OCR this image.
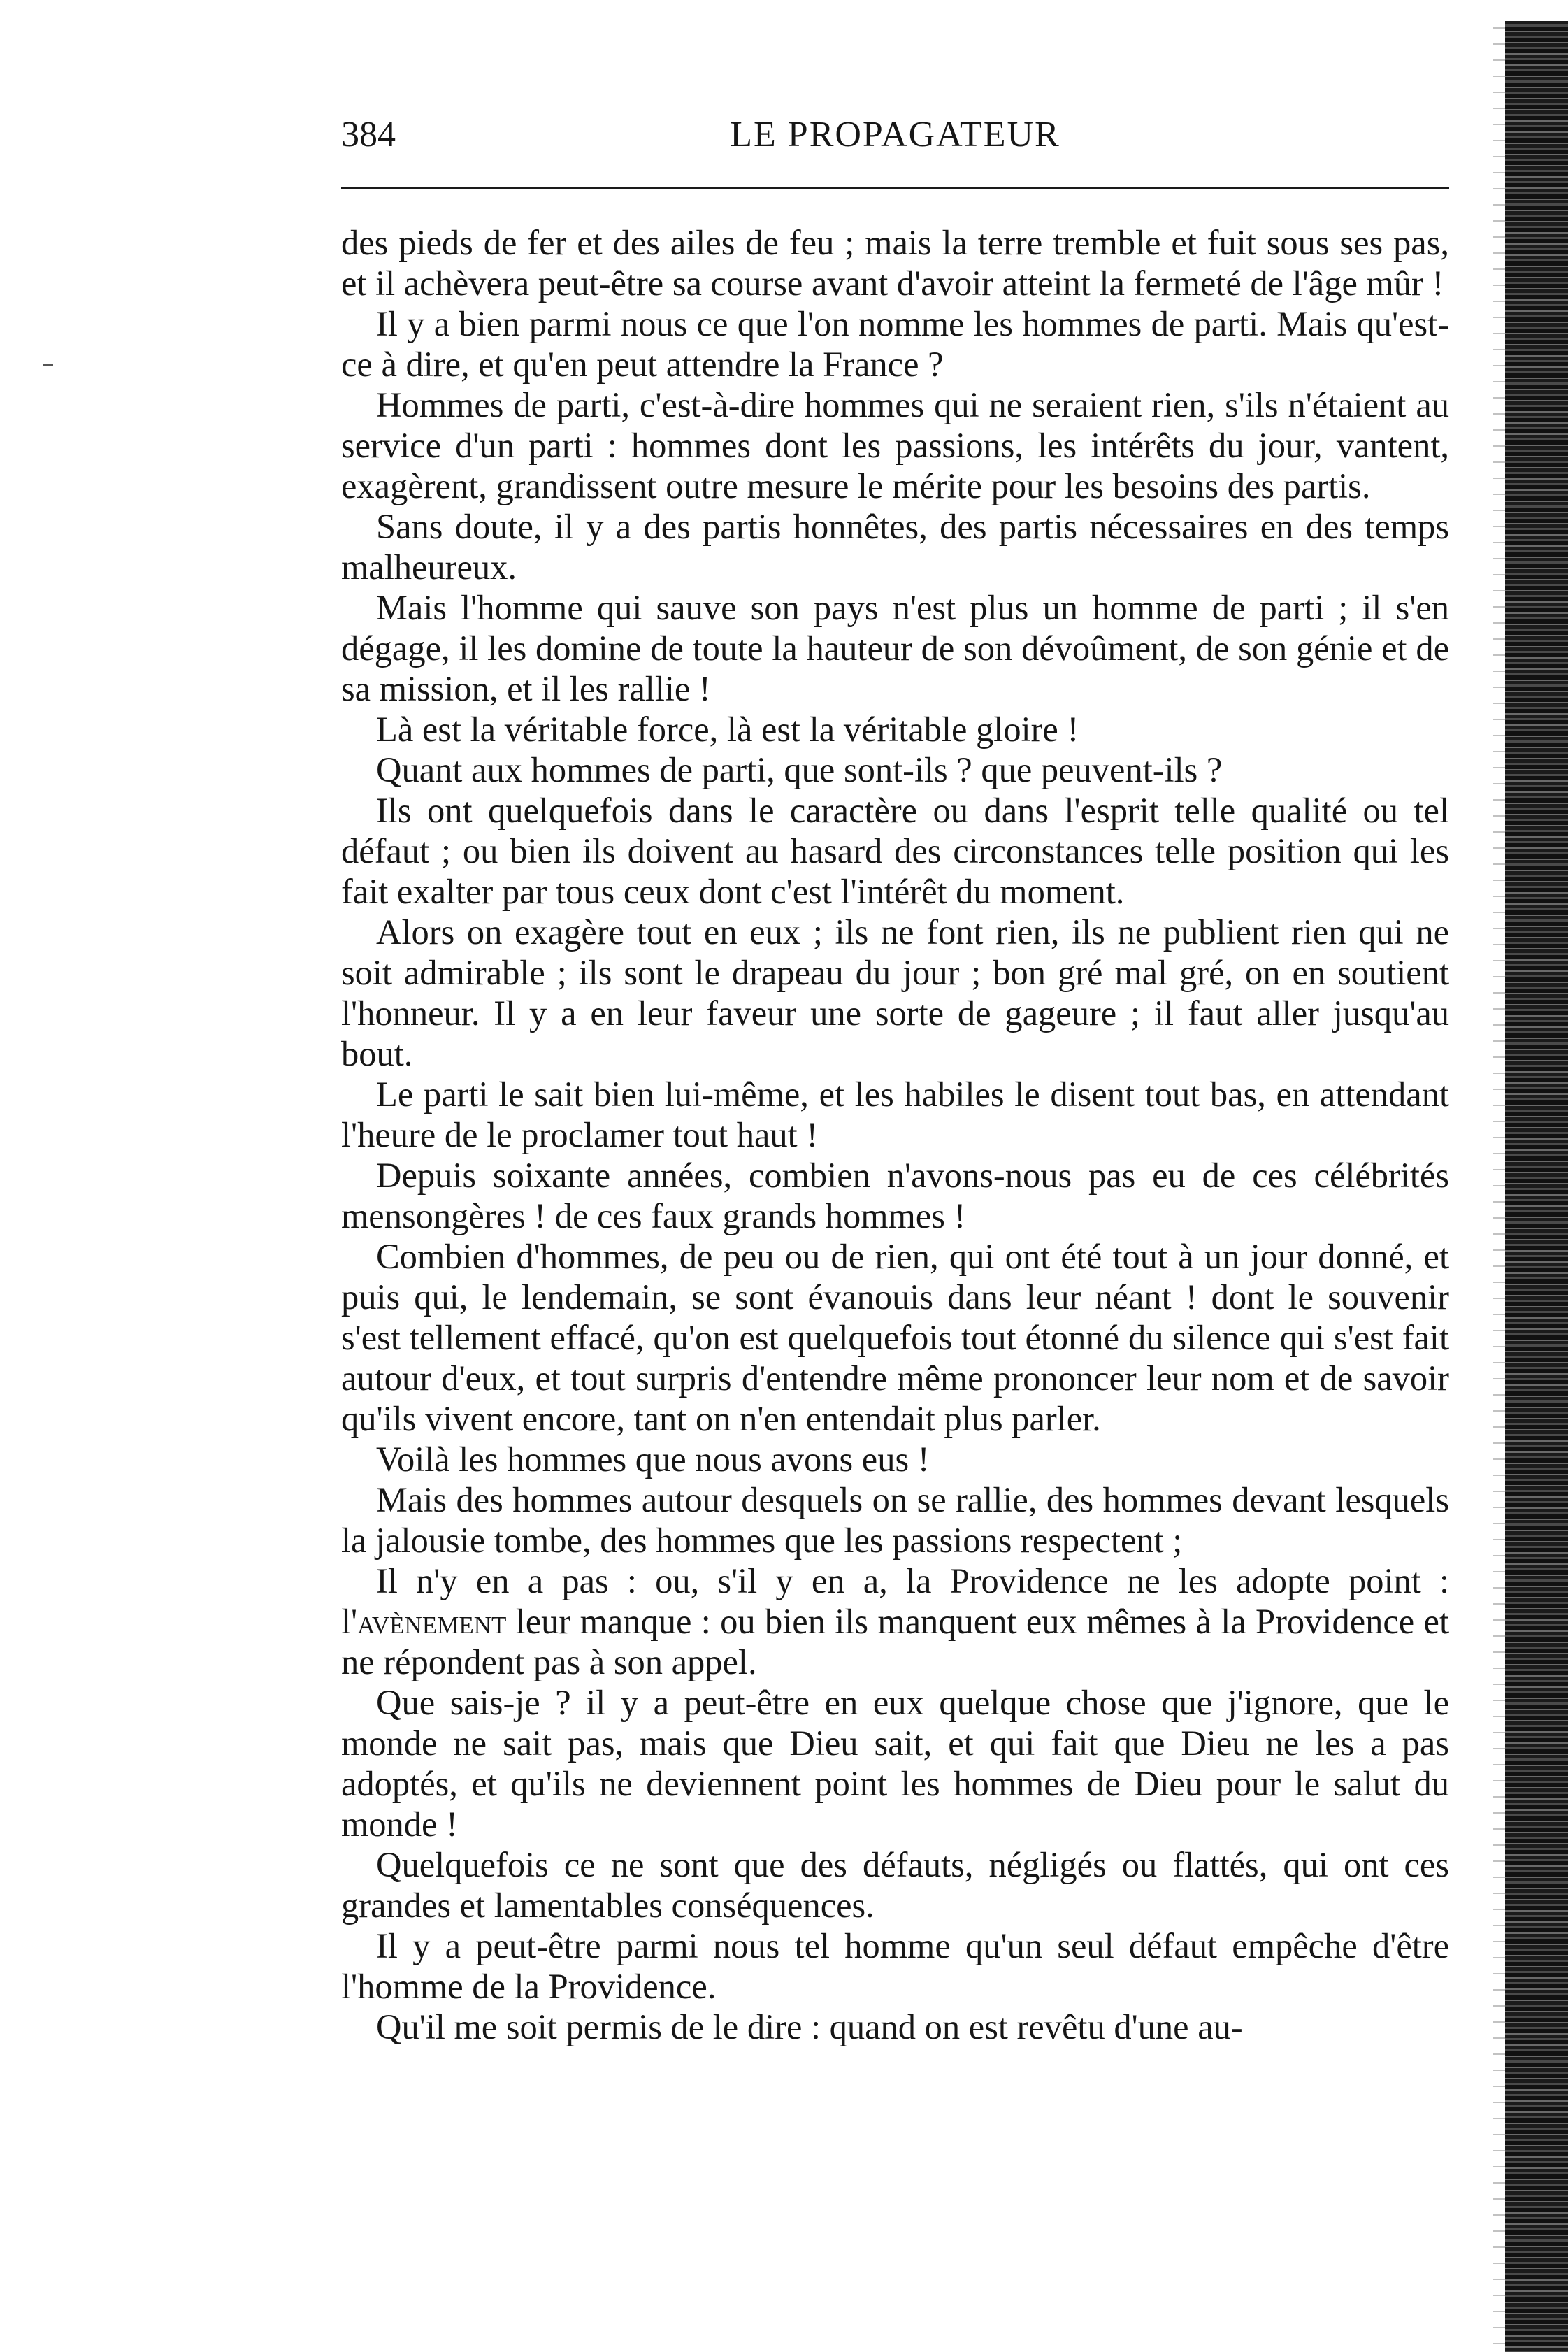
384	LE PROPAGATEUR

des pieds de fer et des ailes de feu ; mais la terre tremble et fuit sous ses pas, et il achèvera peut-être sa course avant d'avoir atteint la fermeté de l'âge mûr !

Il y a bien parmi nous ce que l'on nomme les hommes de parti. Mais qu'est-ce à dire, et qu'en peut attendre la France ?

Hommes de parti, c'est-à-dire hommes qui ne seraient rien, s'ils n'étaient au service d'un parti : hommes dont les passions, les intérêts du jour, vantent, exagèrent, grandissent outre mesure le mérite pour les besoins des partis.

Sans doute, il y a des partis honnêtes, des partis nécessaires en des temps malheureux.

Mais l'homme qui sauve son pays n'est plus un homme de parti ; il s'en dégage, il les domine de toute la hauteur de son dévoûment, de son génie et de sa mission, et il les rallie !

Là est la véritable force, là est la véritable gloire !

Quant aux hommes de parti, que sont-ils ? que peuvent-ils ?

Ils ont quelquefois dans le caractère ou dans l'esprit telle qualité ou tel défaut ; ou bien ils doivent au hasard des circonstances telle position qui les fait exalter par tous ceux dont c'est l'intérêt du moment.

Alors on exagère tout en eux ; ils ne font rien, ils ne publient rien qui ne soit admirable ; ils sont le drapeau du jour ; bon gré mal gré, on en soutient l'honneur. Il y a en leur faveur une sorte de gageure ; il faut aller jusqu'au bout.

Le parti le sait bien lui-même, et les habiles le disent tout bas, en attendant l'heure de le proclamer tout haut !

Depuis soixante années, combien n'avons-nous pas eu de ces célébrités mensongères ! de ces faux grands hommes !

Combien d'hommes, de peu ou de rien, qui ont été tout à un jour donné, et puis qui, le lendemain, se sont évanouis dans leur néant ! dont le souvenir s'est tellement effacé, qu'on est quelquefois tout étonné du silence qui s'est fait autour d'eux, et tout surpris d'entendre même prononcer leur nom et de savoir qu'ils vivent encore, tant on n'en entendait plus parler.

Voilà les hommes que nous avons eus !

Mais des hommes autour desquels on se rallie, des hommes devant lesquels la jalousie tombe, des hommes que les passions respectent ;

Il n'y en a pas : ou, s'il y en a, la Providence ne les adopte point : l'avènement leur manque : ou bien ils manquent eux mêmes à la Providence et ne répondent pas à son appel.

Que sais-je ? il y a peut-être en eux quelque chose que j'ignore, que le monde ne sait pas, mais que Dieu sait, et qui fait que Dieu ne les a pas adoptés, et qu'ils ne deviennent point les hommes de Dieu pour le salut du monde !

Quelquefois ce ne sont que des défauts, négligés ou flattés, qui ont ces grandes et lamentables conséquences.

Il y a peut-être parmi nous tel homme qu'un seul défaut empêche d'être l'homme de la Providence.

Qu'il me soit permis de le dire : quand on est revêtu d'une au-
